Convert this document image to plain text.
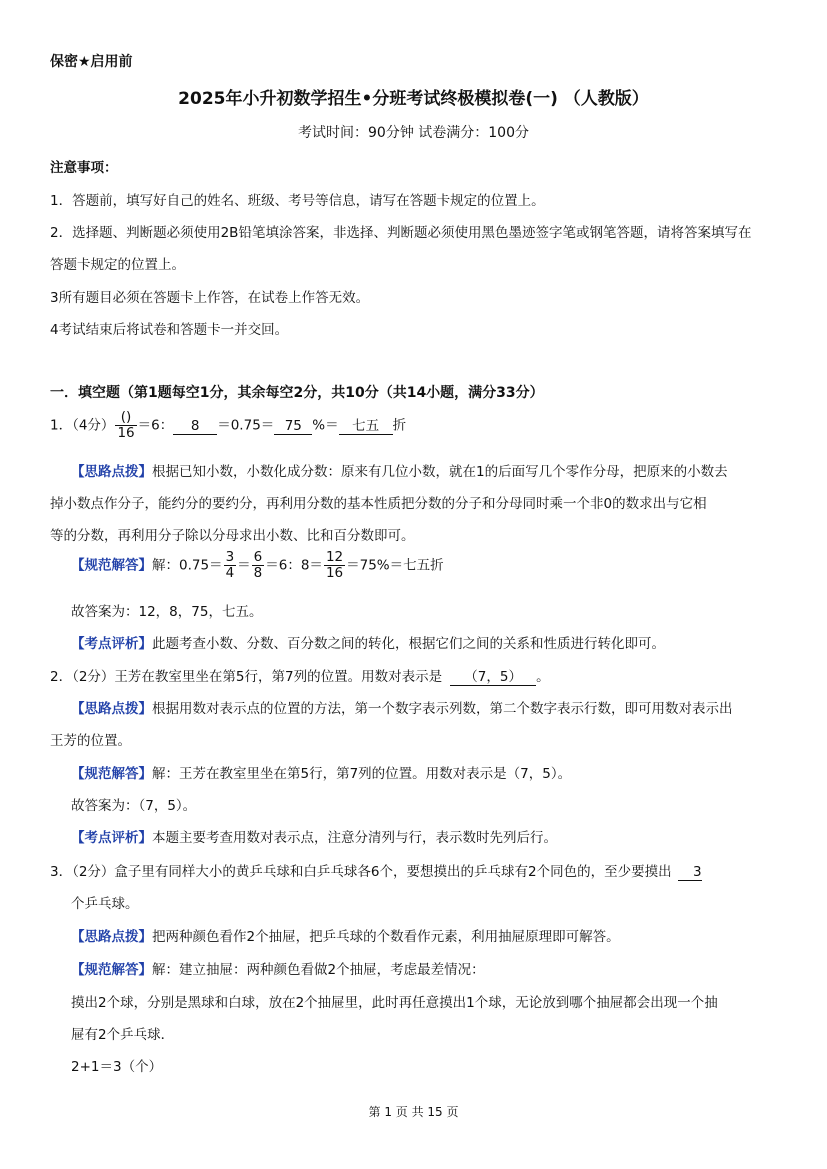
保密★启用前
2025年小升初数学招生•分班考试终极模拟卷(一) （人教版）
考试时间：90分钟 试卷满分：100分
注意事项：
1．答题前，填写好自己的姓名、班级、考号等信息，请写在答题卡规定的位置上。
2．选择题、判断题必须使用2B铅笔填涂答案，非选择、判断题必须使用黑色墨迹签字笔或钢笔答题，请将答案填写在
答题卡规定的位置上。
3所有题目必须在答题卡上作答，在试卷上作答无效。
4考试结束后将试卷和答题卡一并交回。
一．填空题（第1题每空1分，其余每空2分，共10分（共14小题，满分33分）
1．（4分） $\frac{()}{16} =6$： 8 ＝0.75＝ 75 %＝ 七五 折
【思路点拨】根据已知小数，小数化成分数：原来有几位小数，就在1的后面写几个零作分母，把原来的小数去
掉小数点作分子，能约分的要约分，再利用分数的基本性质把分数的分子和分母同时乘一个非0的数求出与它相
等的分数，再利用分子除以分母求出小数、比和百分数即可。
【规范解答】解：$0.75= \frac{3}{4} = \frac{6}{8} =6$：$8= \frac{12}{16} =75\%=$七五折
故答案为：12，8，75，七五。
【考点评析】此题考查小数、分数、百分数之间的转化，根据它们之间的关系和性质进行转化即可。
2．（2分）王芳在教室里坐在第5行，第7列的位置。用数对表示是 （7，5） 。
【思路点拨】根据用数对表示点的位置的方法，第一个数字表示列数，第二个数字表示行数，即可用数对表示出
王芳的位置。
【规范解答】解：王芳在教室里坐在第5行，第7列的位置。用数对表示是（7，5）。
故答案为：（7，5）。
【考点评析】本题主要考查用数对表示点，注意分清列与行，表示数时先列后行。
3．（2分）盒子里有同样大小的黄乒乓球和白乒乓球各6个，要想摸出的乒乓球有2个同色的，至少要摸出 3
个乒乓球。
【思路点拨】把两种颜色看作2个抽屉，把乒乓球的个数看作元素，利用抽屉原理即可解答。
【规范解答】解：建立抽屉：两种颜色看做2个抽屉，考虑最差情况：
摸出2个球，分别是黑球和白球，放在2个抽屉里，此时再任意摸出1个球，无论放到哪个抽屉都会出现一个抽
屉有2个乒乓球．
2+1＝3（个）
第 1 页 共 15 页
